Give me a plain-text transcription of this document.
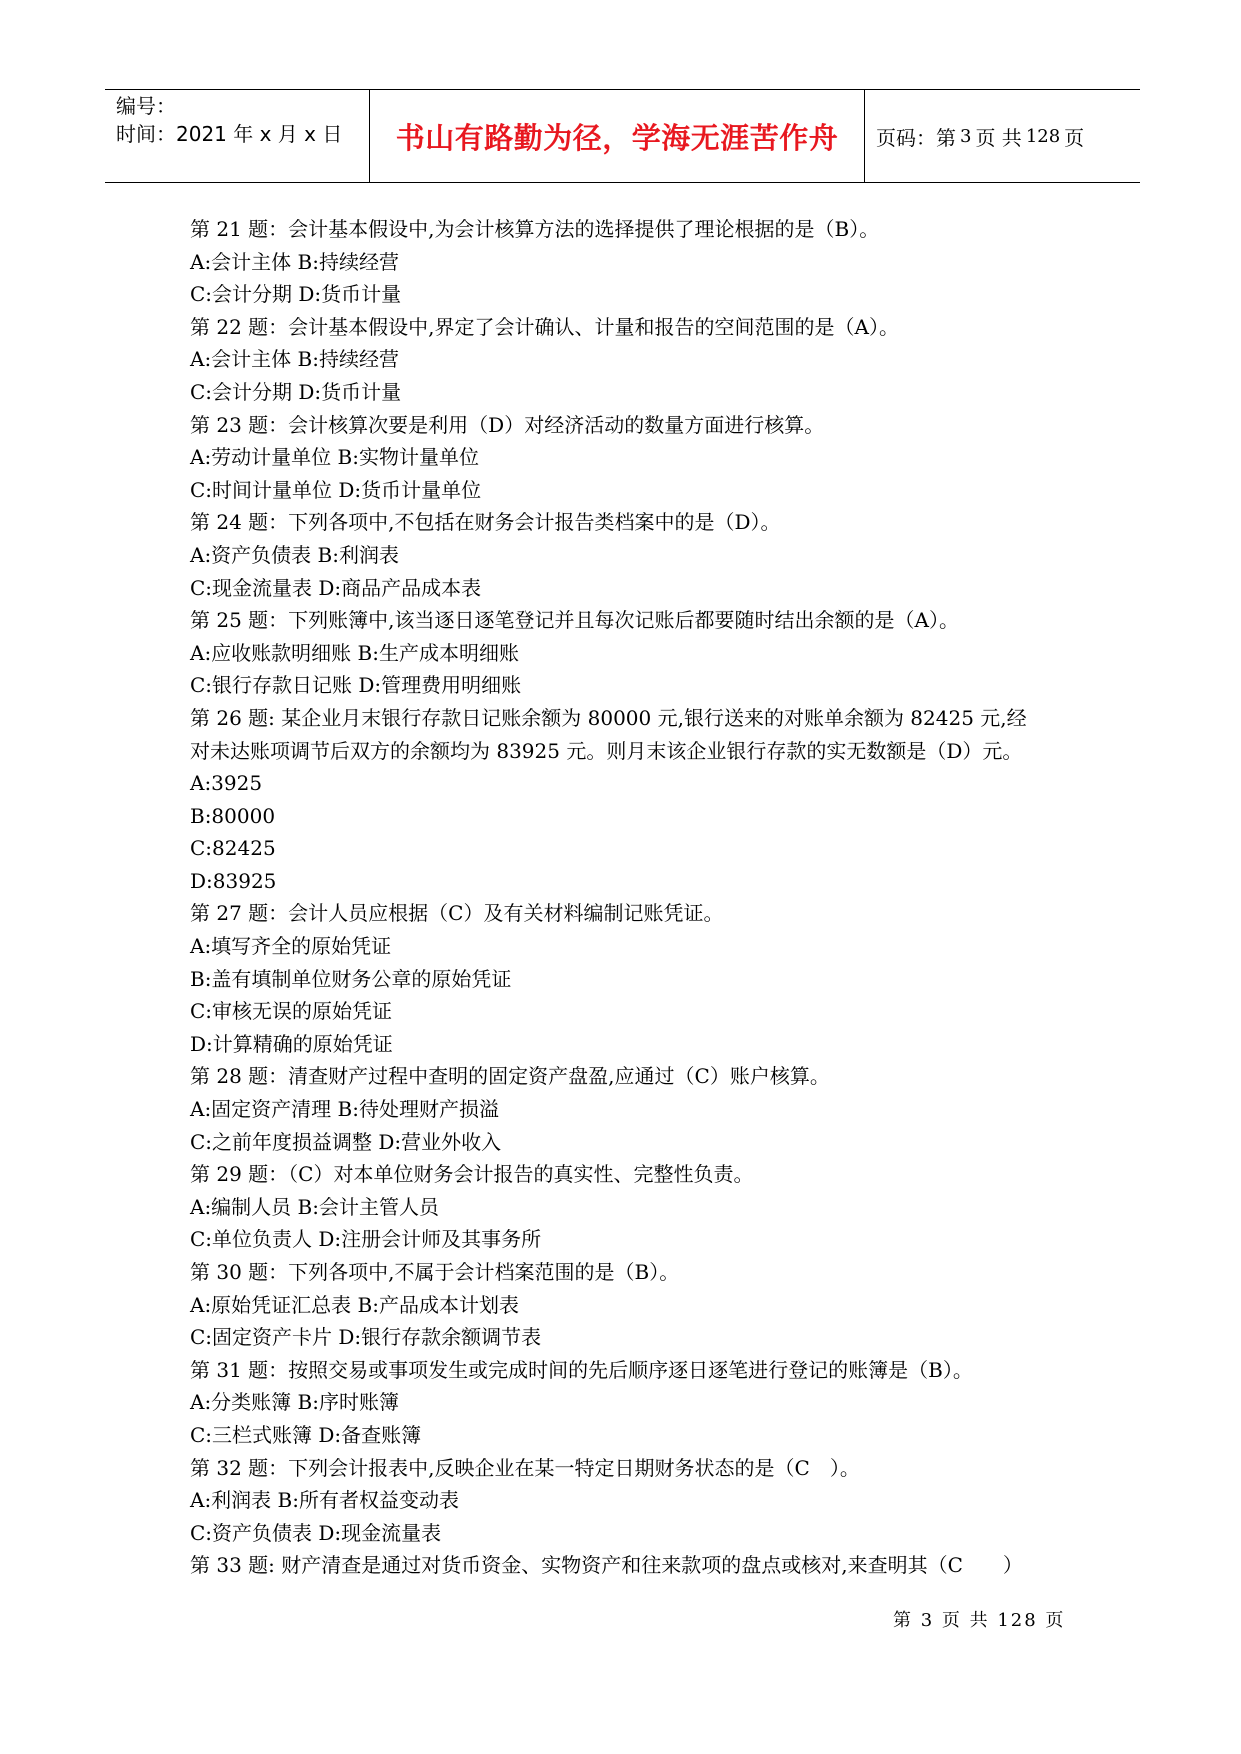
编号：
时间：2021 年 x 月 x 日	书山有路勤为径，学海无涯苦作舟	页码：第 3 页 共 128 页
第 21 题：会计基本假设中,为会计核算方法的选择提供了理论根据的是（B）。
A:会计主体 B:持续经营
C:会计分期 D:货币计量
第 22 题：会计基本假设中,界定了会计确认、计量和报告的空间范围的是（A）。
A:会计主体 B:持续经营
C:会计分期 D:货币计量
第 23 题：会计核算次要是利用（D）对经济活动的数量方面进行核算。
A:劳动计量单位 B:实物计量单位
C:时间计量单位 D:货币计量单位
第 24 题：下列各项中,不包括在财务会计报告类档案中的是（D）。
A:资产负债表 B:利润表
C:现金流量表 D:商品产品成本表
第 25 题：下列账簿中,该当逐日逐笔登记并且每次记账后都要随时结出余额的是（A）。
A:应收账款明细账 B:生产成本明细账
C:银行存款日记账 D:管理费用明细账
第 26 题: 某企业月末银行存款日记账余额为 80000 元,银行送来的对账单余额为 82425 元,经
对未达账项调节后双方的余额均为 83925 元。则月末该企业银行存款的实无数额是（D）元。
A:3925
B:80000
C:82425
D:83925
第 27 题：会计人员应根据（C）及有关材料编制记账凭证。
A:填写齐全的原始凭证
B:盖有填制单位财务公章的原始凭证
C:审核无误的原始凭证
D:计算精确的原始凭证
第 28 题：清查财产过程中查明的固定资产盘盈,应通过（C）账户核算。
A:固定资产清理 B:待处理财产损溢
C:之前年度损益调整 D:营业外收入
第 29 题：（C）对本单位财务会计报告的真实性、完整性负责。
A:编制人员 B:会计主管人员
C:单位负责人 D:注册会计师及其事务所
第 30 题：下列各项中,不属于会计档案范围的是（B）。
A:原始凭证汇总表 B:产品成本计划表
C:固定资产卡片 D:银行存款余额调节表
第 31 题：按照交易或事项发生或完成时间的先后顺序逐日逐笔进行登记的账簿是（B）。
A:分类账簿 B:序时账簿
C:三栏式账簿 D:备查账簿
第 32 题：下列会计报表中,反映企业在某一特定日期财务状态的是（C　）。
A:利润表 B:所有者权益变动表
C:资产负债表 D:现金流量表
第 33 题: 财产清查是通过对货币资金、实物资产和往来款项的盘点或核对,来查明其（C　　）
第 3 页 共 128 页
